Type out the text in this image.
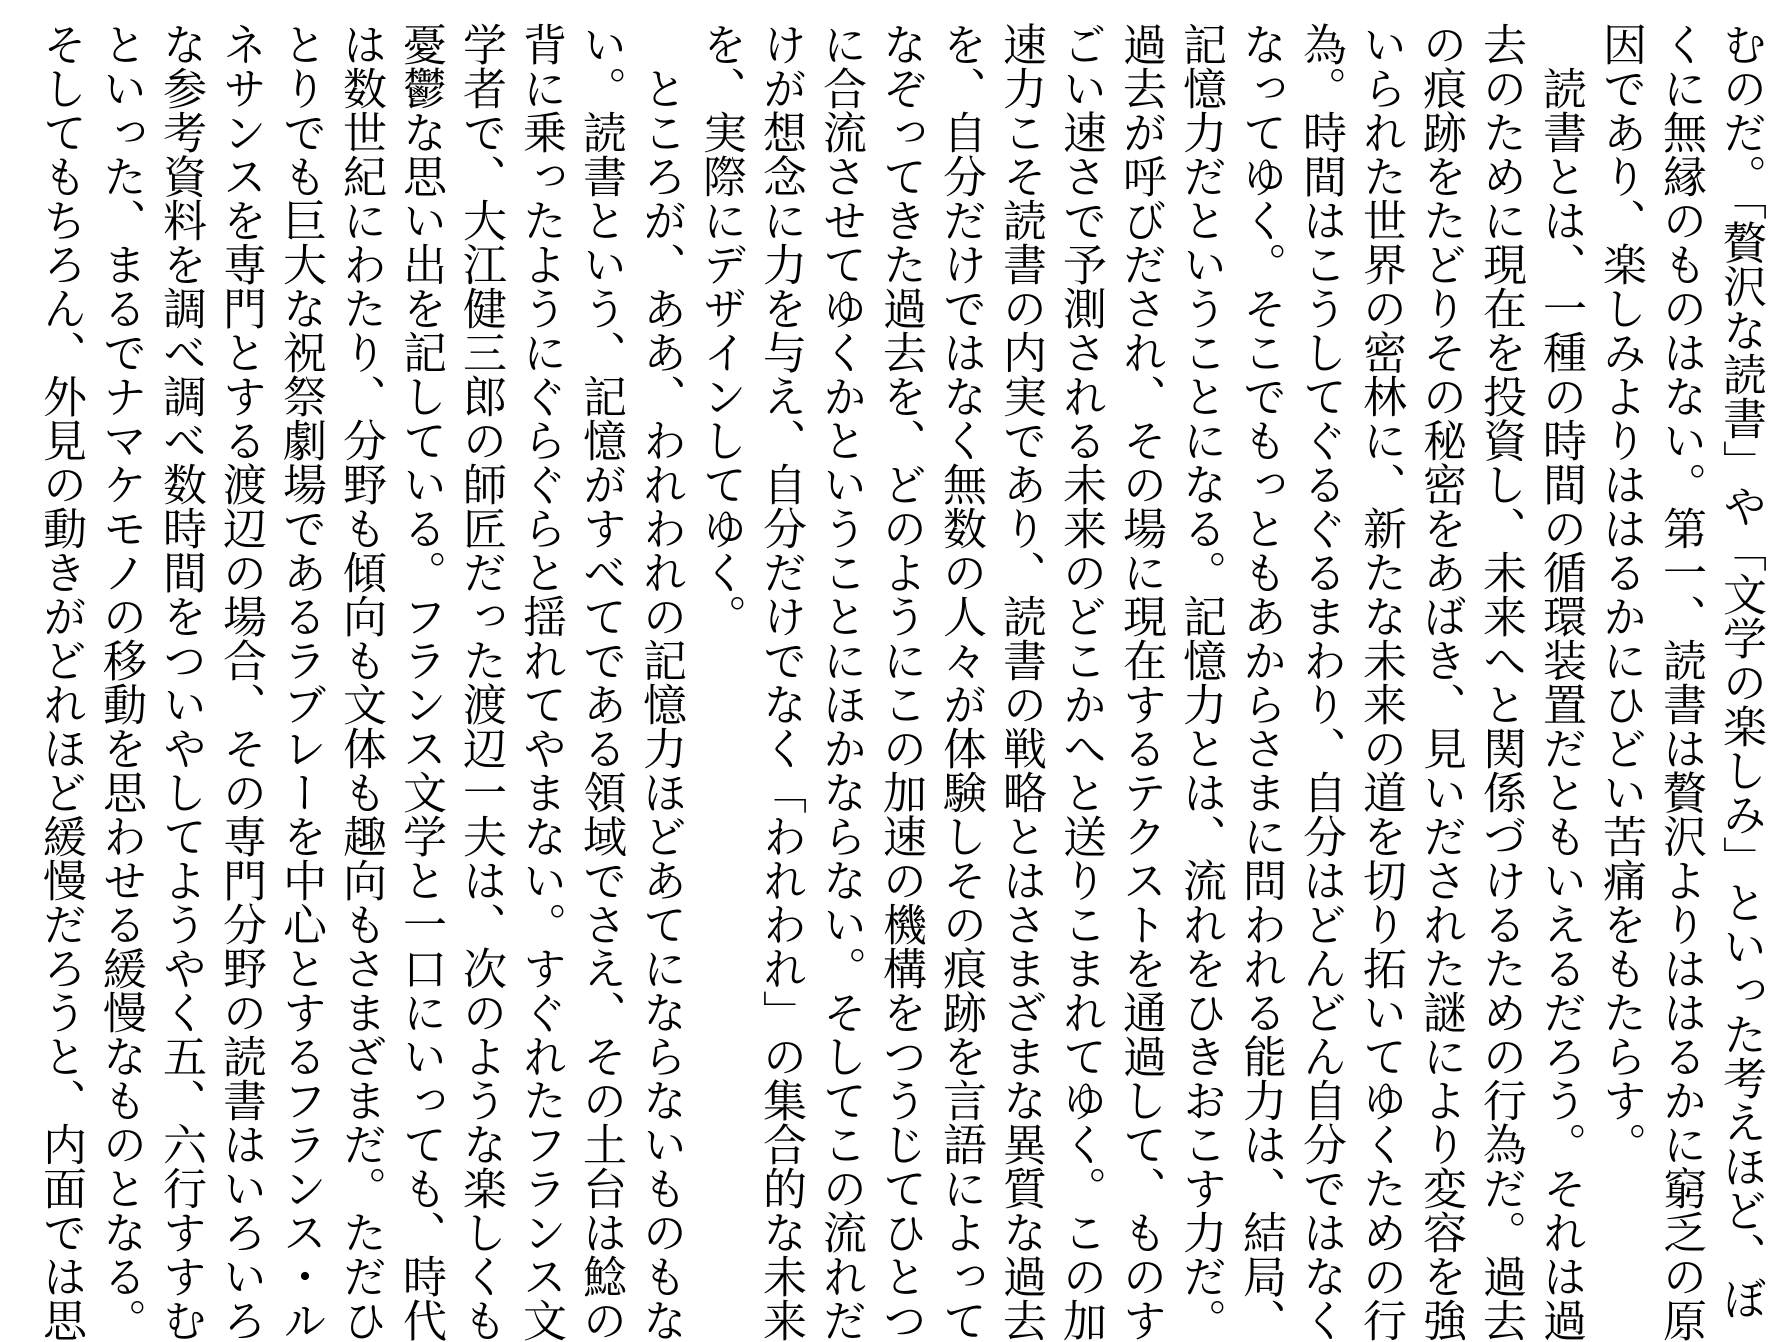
むのだ。「贅沢な読書」や「文学の楽しみ」といった考えほど、ぼ
くに無縁のものはない。第一、読書は贅沢よりははるかに窮乏の原
因であり、楽しみよりははるかにひどい苦痛をもたらす。
　読書とは、一種の時間の循環装置だともいえるだろう。それは過
去のために現在を投資し、未来へと関係づけるための行為だ。過去
の痕跡をたどりその秘密をあばき、見いだされた謎により変容を強
いられた世界の密林に、新たな未来の道を切り拓いてゆくための行
為。時間はこうしてぐるぐるまわり、自分はどんどん自分ではなく
なってゆく。そこでもっともあからさまに問われる能力は、結局、
記憶力だということになる。記憶力とは、流れをひきおこす力だ。
過去が呼びだされ、その場に現在するテクストを通過して、ものす
ごい速さで予測される未来のどこかへと送りこまれてゆく。この加
速力こそ読書の内実であり、読書の戦略とはさまざまな異質な過去
を、自分だけではなく無数の人々が体験しその痕跡を言語によって
なぞってきた過去を、どのようにこの加速の機構をつうじてひとつ
に合流させてゆくかということにほかならない。そしてこの流れだ
けが想念に力を与え、自分だけでなく「われわれ」の集合的な未来
を、実際にデザインしてゆく。
　ところが、ああ、われわれの記憶力ほどあてにならないものもな
い。読書という、記憶がすべてである領域でさえ、その土台は鯰の
背に乗ったようにぐらぐらと揺れてやまない。すぐれたフランス文
学者で、大江健三郎の師匠だった渡辺一夫は、次のような楽しくも
憂鬱な思い出を記している。フランス文学と一口にいっても、時代
は数世紀にわたり、分野も傾向も文体も趣向もさまざまだ。ただひ
とりでも巨大な祝祭劇場であるラブレーを中心とするフランス・ル
ネサンスを専門とする渡辺の場合、その専門分野の読書はいろいろ
な参考資料を調べ調べ数時間をついやしてようやく五、六行すすむ
といった、まるでナマケモノの移動を思わせる緩慢なものとなる。
そしてもちろん、外見の動きがどれほど緩慢だろうと、内面では思
